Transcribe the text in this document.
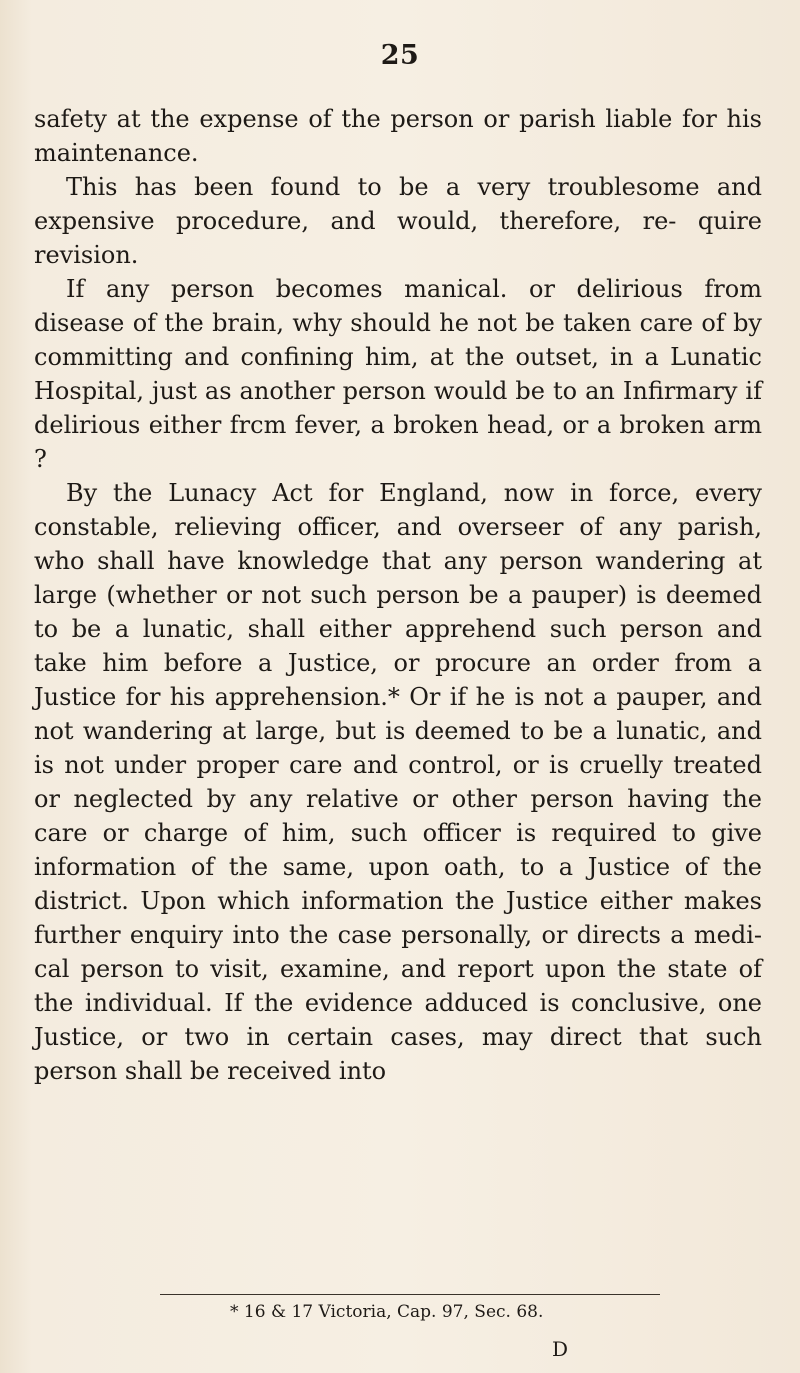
25

safety at the expense of the person or parish liable for his maintenance.

This has been found to be a very troublesome and expensive procedure, and would, therefore, re- quire revision.

If any person becomes manical. or delirious from disease of the brain, why should he not be taken care of by committing and confining him, at the outset, in a Lunatic Hospital, just as another person would be to an Infirmary if delirious either frcm fever, a broken head, or a broken arm ?

By the Lunacy Act for England, now in force, every constable, relieving officer, and overseer of any parish, who shall have knowledge that any person wandering at large (whether or not such person be a pauper) is deemed to be a lunatic, shall either apprehend such person and take him before a Justice, or procure an order from a Justice for his apprehension.* Or if he is not a pauper, and not wandering at large, but is deemed to be a lunatic, and is not under proper care and control, or is cruelly treated or neglected by any relative or other person having the care or charge of him, such officer is required to give information of the same, upon oath, to a Justice of the district. Upon which information the Justice either makes further enquiry into the case personally, or directs a medi- cal person to visit, examine, and report upon the state of the individual. If the evidence adduced is conclusive, one Justice, or two in certain cases, may direct that such person shall be received into

* 16 & 17 Victoria, Cap. 97, Sec. 68.
D
